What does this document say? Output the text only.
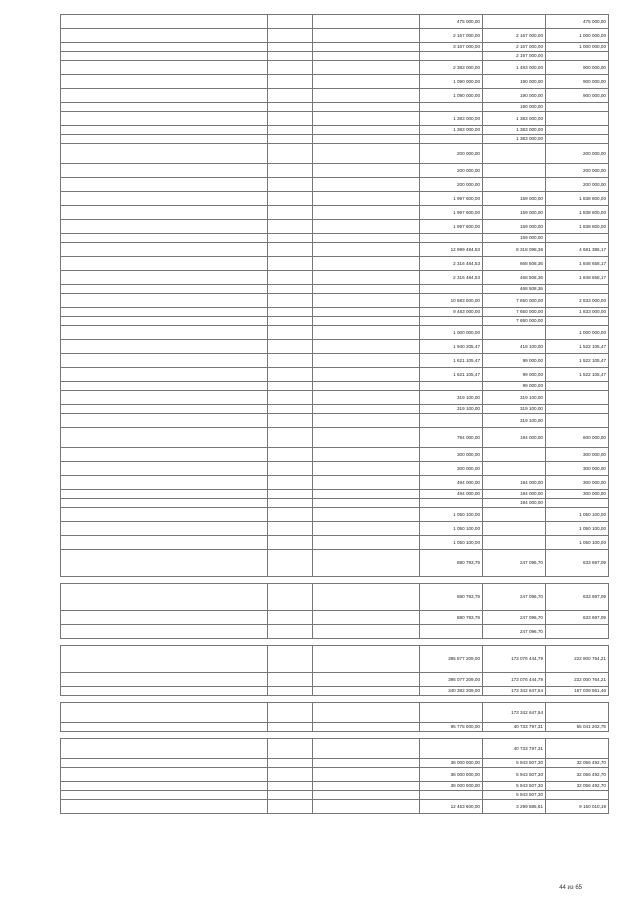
			475 000,00		475 000,00
			2 167 000,00	2 167 000,00	1 000 000,00
			3 167 000,00	2 167 000,00	1 000 000,00
				2 167 000,00	
			2 383 000,00	1 483 000,00	900 000,00
			1 090 000,00	190 000,00	900 000,00
			1 090 000,00	190 000,00	900 000,00
				190 000,00	
			1 383 000,00	1 383 000,00	
			1 383 000,00	1 383 000,00	
				1 383 000,00	
			200 000,00		200 000,00
			200 000,00		200 000,00
			200 000,00		200 000,00
			1 997 600,00	159 000,00	1 838 600,00
			1 997 600,00	159 000,00	1 838 600,00
			1 997 600,00	159 000,00	1 838 600,00
				159 000,00	
			12 999 484,53	8 318 098,36	4 681 386,17
			2 316 484,53	668 508,36	1 848 658,17
			2 316 484,53	468 508,36	1 848 658,17
				468 508,36	
			10 683 000,00	7 650 000,00	2 833 000,00
			9 483 000,00	7 650 000,00	1 833 000,00
				7 650 000,00	
			1 000 000,00		1 000 000,00
			1 940 205,47	418 100,00	1 522 105,47
			1 621 105,47	99 000,00	1 522 105,47
			1 621 105,47	99 000,00	1 522 105,47
				99 000,00	
			319 100,00	319 100,00	
			319 100,00	319 100,00	
				319 100,00	
			794 000,00	194 000,00	600 000,00
			300 000,00		300 000,00
			300 000,00		300 000,00
			494 000,00	194 000,00	300 000,00
			494 000,00	194 000,00	300 000,00
				194 000,00	
			1 050 100,00		1 050 100,00
			1 050 100,00		1 050 100,00
			1 050 100,00		1 050 100,00
			880 793,79	247 096,70	633 697,09

			880 793,79	247 096,70	633 697,09
			880 793,79	247 096,70	633 697,09
				247 096,70	

			395 877 209,00	173 076 444,79	222 800 764,21
			395 077 209,00	173 076 444,79	222 000 764,21
			340 382 209,00	173 342 647,54	167 039 561,46

				173 342 647,54	
			95 775 000,00	40 733 797,31	55 041 202,75

				40 733 797,31	
			38 000 000,00	5 943 507,30	32 056 492,70
			38 000 000,00	5 943 507,30	32 056 492,70
			38 000 000,00	5 943 507,30	32 056 492,70
				5 943 507,30	
			12 453 600,00	3 299 585,61	9 150 010,19
44 из 65
